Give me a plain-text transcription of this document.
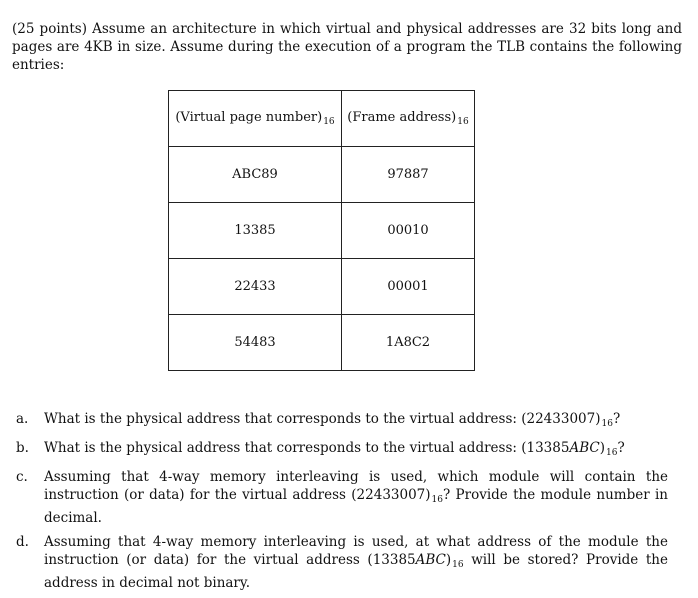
(25 points) Assume an architecture in which virtual and physical addresses are 32 bits long and pages are 4KB in size. Assume during the execution of a program the TLB contains the following entries:
(Virtual page $number)_{16}$	(Frame $address)_{16}$
ABC89	97887
13385	00010
22433	00001
54483	1A8C2
a.	What is the physical address that corresponds to the virtual address: $(22433007)_{16}$?
b.	What is the physical address that corresponds to the virtual address: $(13385ABC)_{16}$?
c.	Assuming that 4-way memory interleaving is used, which module will contain the instruction (or data) for the virtual address $(22433007)_{16}$? Provide the module number in decimal.
d.	Assuming that 4-way memory interleaving is used, at what address of the module the instruction (or data) for the virtual address $(13385ABC)_{16}$ will be stored? Provide the address in decimal not binary.
